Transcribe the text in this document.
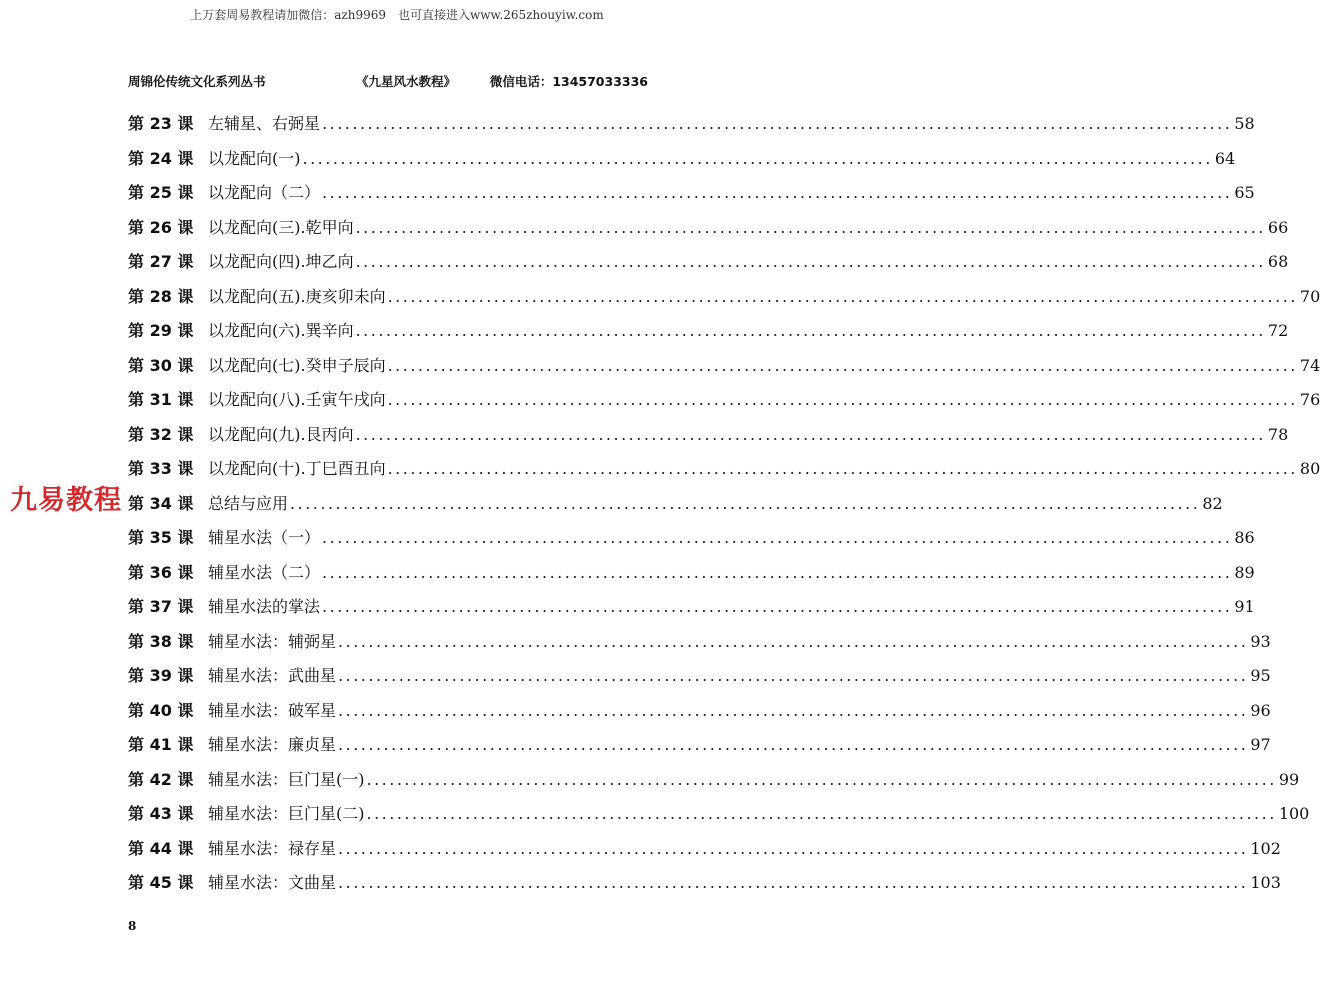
上万套周易教程请加微信：azh9969　也可直接进入www.265zhouyiw.com
周锦伦传统文化系列丛书	《九星风水教程》	微信电话：13457033336
第 23 课 左辅星、右弼星 ........................................................................................................................ 58
第 24 课 以龙配向(一) ........................................................................................................................ 64
第 25 课 以龙配向（二） ........................................................................................................................ 65
第 26 课 以龙配向(三).乾甲向 ........................................................................................................................ 66
第 27 课 以龙配向(四).坤乙向 ........................................................................................................................ 68
第 28 课 以龙配向(五).庚亥卯未向 ........................................................................................................................ 70
第 29 课 以龙配向(六).巽辛向 ........................................................................................................................ 72
第 30 课 以龙配向(七).癸申子辰向 ........................................................................................................................ 74
第 31 课 以龙配向(八).壬寅午戌向 ........................................................................................................................ 76
第 32 课 以龙配向(九).艮丙向 ........................................................................................................................ 78
第 33 课 以龙配向(十).丁巳酉丑向 ........................................................................................................................ 80
第 34 课 总结与应用 ........................................................................................................................ 82
第 35 课 辅星水法（一） ........................................................................................................................ 86
第 36 课 辅星水法（二） ........................................................................................................................ 89
第 37 课 辅星水法的掌法 ........................................................................................................................ 91
第 38 课 辅星水法：辅弼星 ........................................................................................................................ 93
第 39 课 辅星水法：武曲星 ........................................................................................................................ 95
第 40 课 辅星水法：破军星 ........................................................................................................................ 96
第 41 课 辅星水法：廉贞星 ........................................................................................................................ 97
第 42 课 辅星水法：巨门星(一) ........................................................................................................................ 99
第 43 课 辅星水法：巨门星(二) ........................................................................................................................ 100
第 44 课 辅星水法：禄存星 ........................................................................................................................ 102
第 45 课 辅星水法：文曲星 ........................................................................................................................ 103
九易教程
8
